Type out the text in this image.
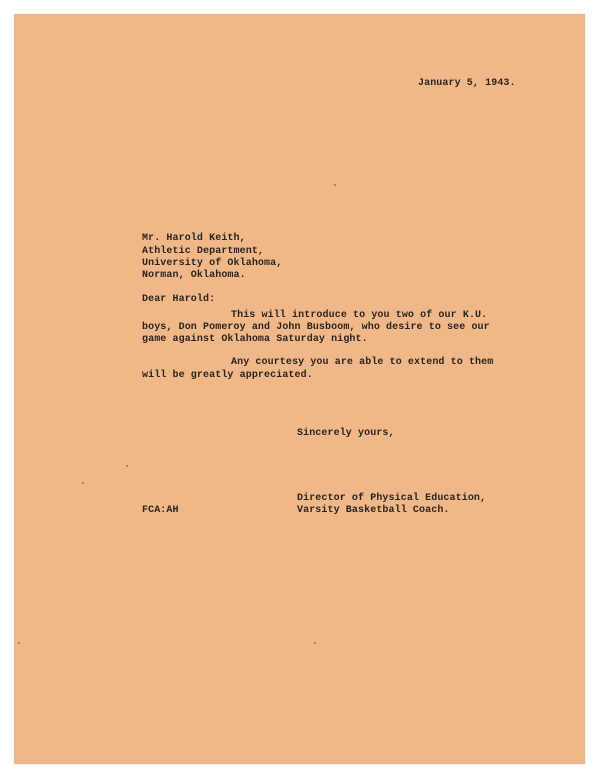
January 5, 1943.
Mr. Harold Keith,
Athletic Department,
University of Oklahoma,
Norman, Oklahoma.
Dear Harold:
This will introduce to you two of our K.U.
boys, Don Pomeroy and John Busboom, who desire to see our
game against Oklahoma Saturday night.
Any courtesy you are able to extend to them
will be greatly appreciated.
Sincerely yours,
Director of Physical Education,
Varsity Basketball Coach.
FCA:AH
